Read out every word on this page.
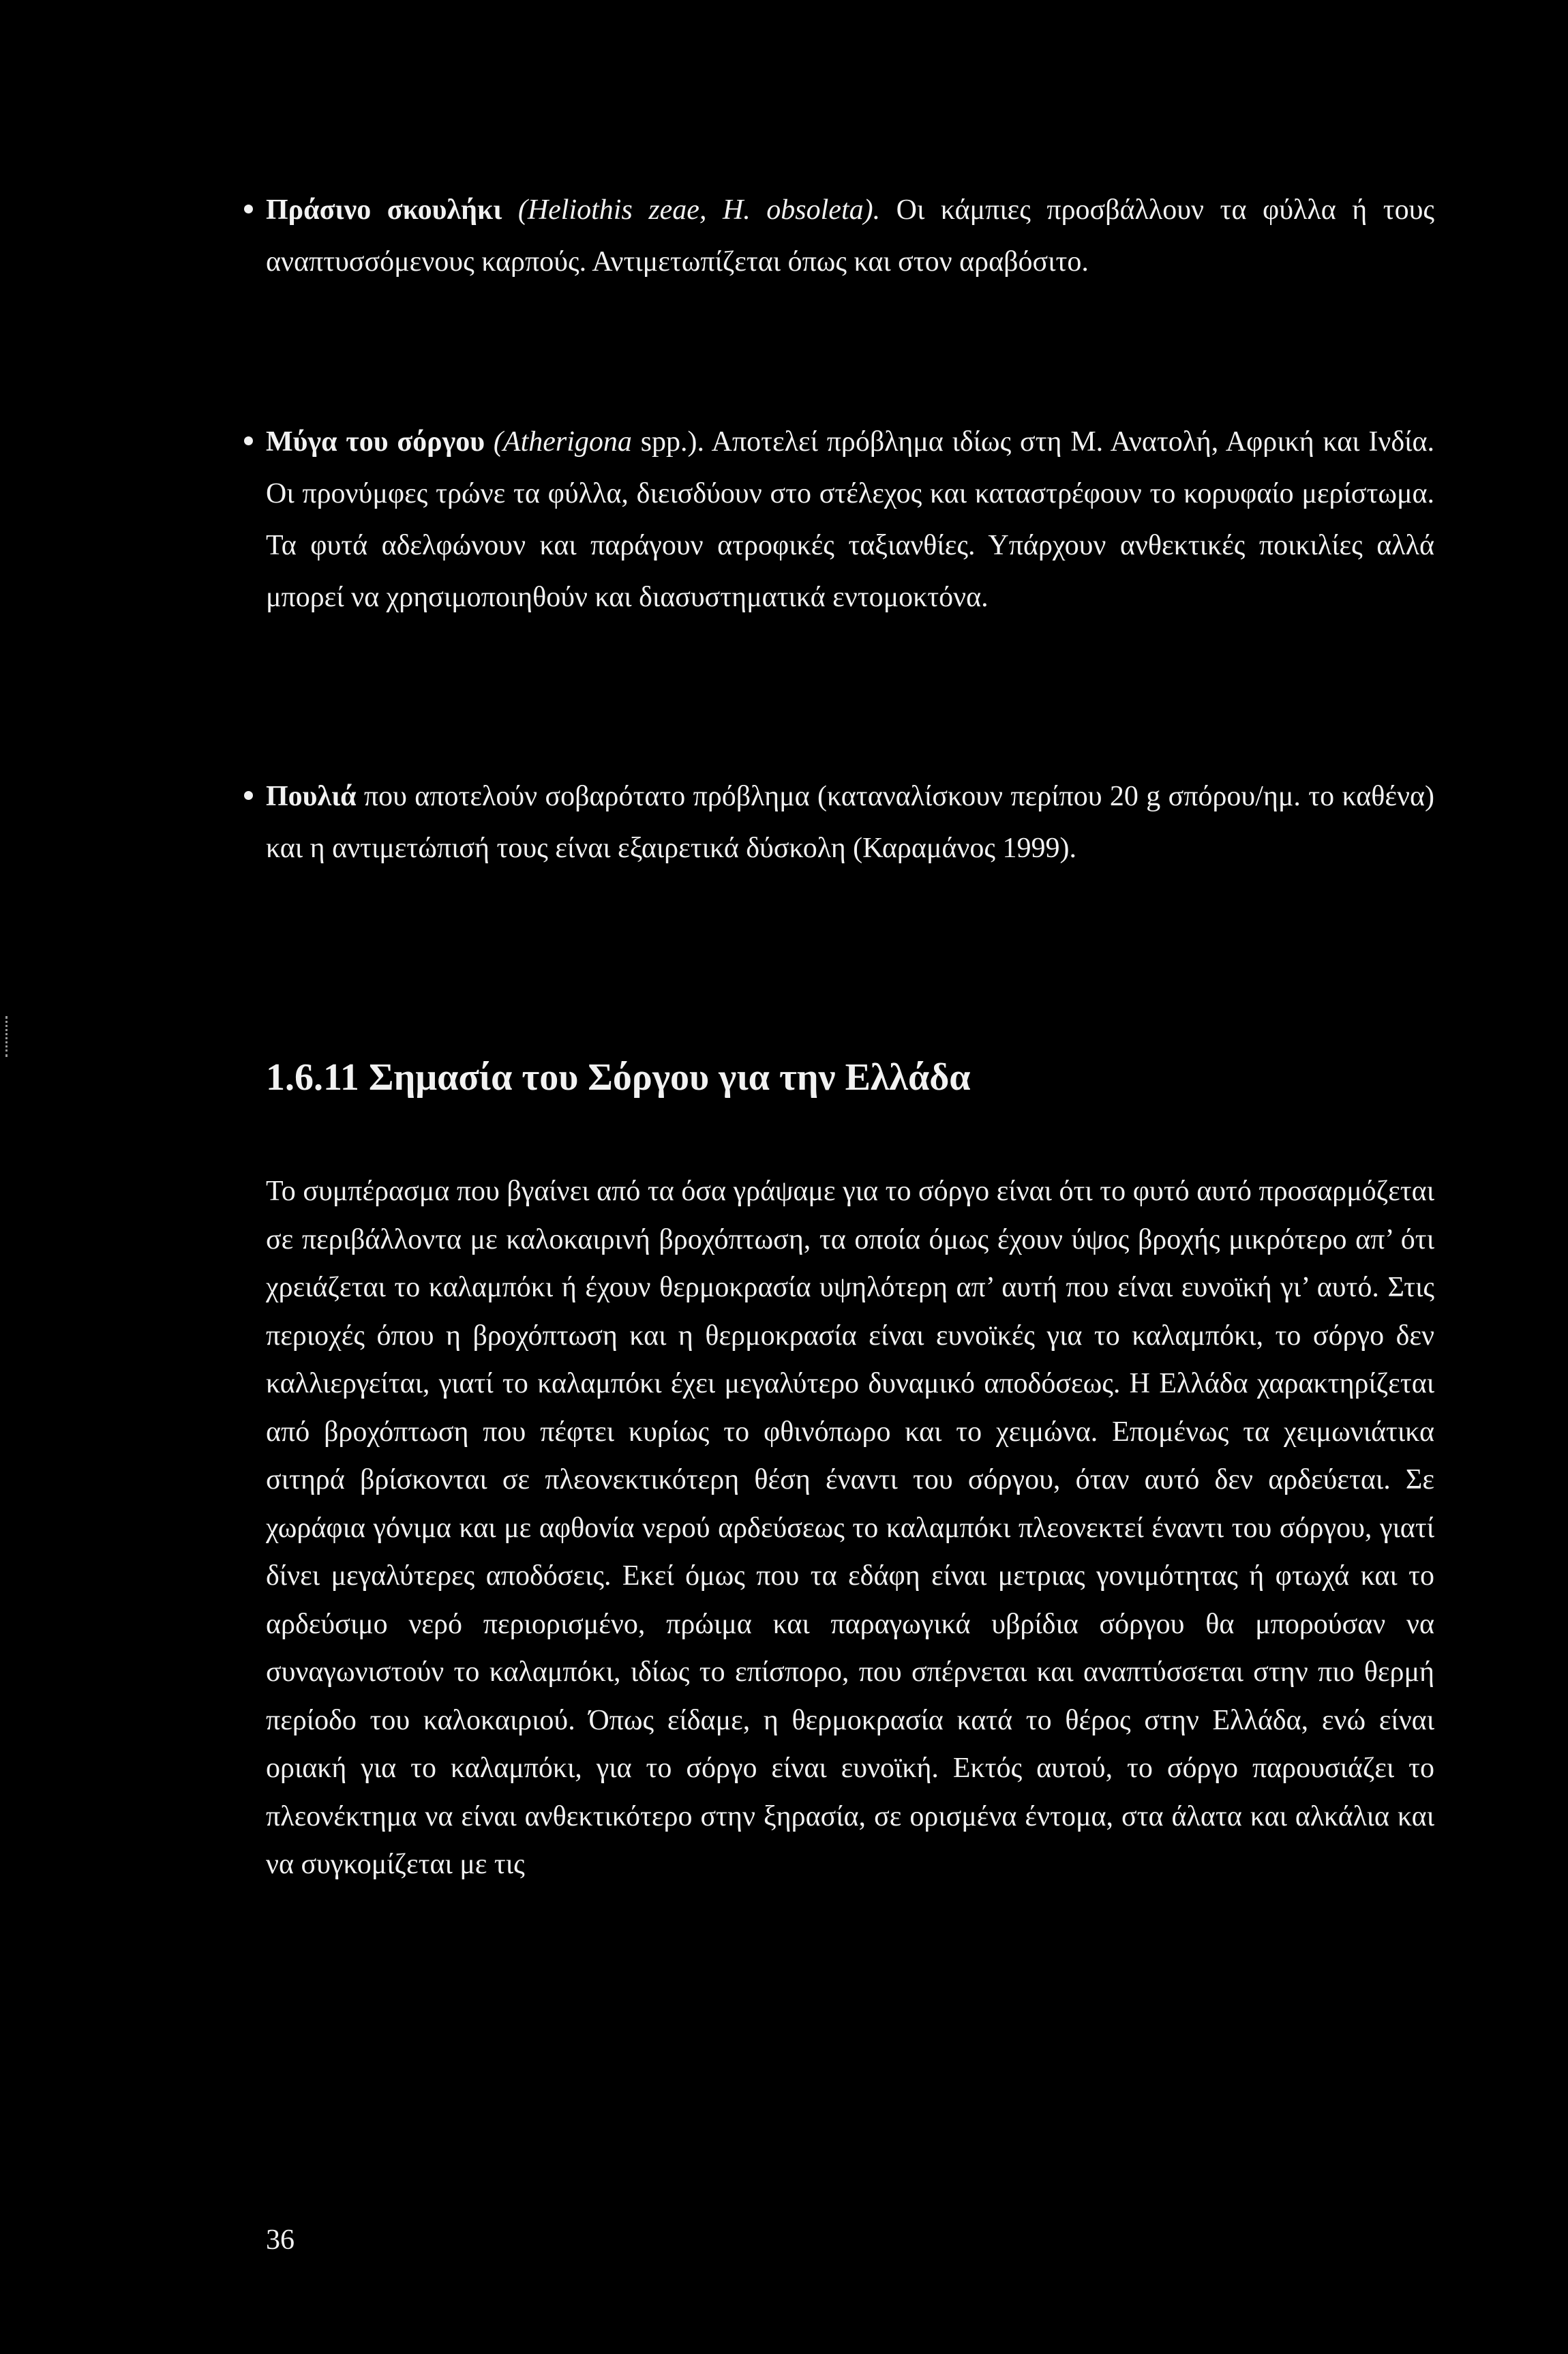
Πράσινο σκουλήκι (Heliothis zeae, H. obsoleta). Οι κάμπιες προσβάλλουν τα φύλλα ή τους αναπτυσσόμενους καρπούς. Αντιμετωπίζεται όπως και στον αραβόσιτο.
Μύγα του σόργου (Atherigona spp.). Αποτελεί πρόβλημα ιδίως στη Μ. Ανατολή, Αφρική και Ινδία. Οι προνύμφες τρώνε τα φύλλα, διεισδύουν στο στέλεχος και καταστρέφουν το κορυφαίο μερίστωμα. Τα φυτά αδελφώνουν και παράγουν ατροφικές ταξιανθίες. Υπάρχουν ανθεκτικές ποικιλίες αλλά μπορεί να χρησιμοποιηθούν και διασυστηματικά εντομοκτόνα.
Πουλιά που αποτελούν σοβαρότατο πρόβλημα (καταναλίσκουν περίπου 20 g σπόρου/ημ. το καθένα) και η αντιμετώπισή τους είναι εξαιρετικά δύσκολη (Καραμάνος 1999).
1.6.11 Σημασία του Σόργου για την Ελλάδα
Το συμπέρασμα που βγαίνει από τα όσα γράψαμε για το σόργο είναι ότι το φυτό αυτό προσαρμόζεται σε περιβάλλοντα με καλοκαιρινή βροχόπτωση, τα οποία όμως έχουν ύψος βροχής μικρότερο απ’ ότι χρειάζεται το καλαμπόκι ή έχουν θερμοκρασία υψηλότερη απ’ αυτή που είναι ευνοϊκή γι’ αυτό. Στις περιοχές όπου η βροχόπτωση και η θερμοκρασία είναι ευνοϊκές για το καλαμπόκι, το σόργο δεν καλλιεργείται, γιατί το καλαμπόκι έχει μεγαλύτερο δυναμικό αποδόσεως. Η Ελλάδα χαρακτηρίζεται από βροχόπτωση που πέφτει κυρίως το φθινόπωρο και το χειμώνα. Επομένως τα χειμωνιάτικα σιτηρά βρίσκονται σε πλεονεκτικότερη θέση έναντι του σόργου, όταν αυτό δεν αρδεύεται. Σε χωράφια γόνιμα και με αφθονία νερού αρδεύσεως το καλαμπόκι πλεονεκτεί έναντι του σόργου, γιατί δίνει μεγαλύτερες αποδόσεις. Εκεί όμως που τα εδάφη είναι μετριας γονιμότητας ή φτωχά και το αρδεύσιμο νερό περιορισμένο, πρώιμα και παραγωγικά υβρίδια σόργου θα μπορούσαν να συναγωνιστούν το καλαμπόκι, ιδίως το επίσπορο, που σπέρνεται και αναπτύσσεται στην πιο θερμή περίοδο του καλοκαιριού. Όπως είδαμε, η θερμοκρασία κατά το θέρος στην Ελλάδα, ενώ είναι οριακή για το καλαμπόκι, για το σόργο είναι ευνοϊκή. Εκτός αυτού, το σόργο παρουσιάζει το πλεονέκτημα να είναι ανθεκτικότερο στην ξηρασία, σε ορισμένα έντομα, στα άλατα και αλκάλια και να συγκομίζεται με τις
36
